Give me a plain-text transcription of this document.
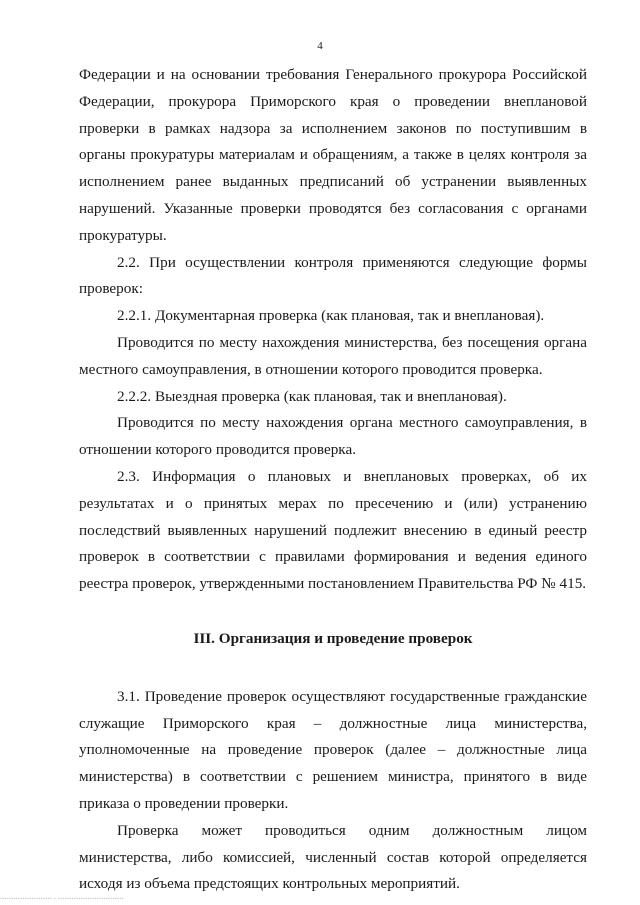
4

Федерации и на основании требования Генерального прокурора Российской Федерации, прокурора Приморского края о проведении внеплановой проверки в рамках надзора за исполнением законов по поступившим в органы прокуратуры материалам и обращениям, а также в целях контроля за исполнением ранее выданных предписаний об устранении выявленных нарушений. Указанные проверки проводятся без согласования с органами прокуратуры.

2.2. При осуществлении контроля применяются следующие формы проверок:

2.2.1. Документарная проверка (как плановая, так и внеплановая).

Проводится по месту нахождения министерства, без посещения органа местного самоуправления, в отношении которого проводится проверка.

2.2.2. Выездная проверка (как плановая, так и внеплановая).

Проводится по месту нахождения органа местного самоуправления, в отношении которого проводится проверка.

2.3. Информация о плановых и внеплановых проверках, об их результатах и о принятых мерах по пресечению и (или) устранению последствий выявленных нарушений подлежит внесению в единый реестр проверок в соответствии с правилами формирования и ведения единого реестра проверок, утвержденными постановлением Правительства РФ № 415.

III. Организация и проведение проверок

3.1. Проведение проверок осуществляют государственные гражданские служащие Приморского края – должностные лица министерства, уполномоченные на проведение проверок (далее – должностные лица министерства) в соответствии с решением министра, принятого в виде приказа о проведении проверки.

Проверка может проводиться одним должностным лицом министерства, либо комиссией, численный состав которой определяется исходя из объема предстоящих контрольных мероприятий.

▪▪▪▪▪▪▪▪▪▪▪▪▪▪▪▪▪▪▪▪▪▪▪ ▪ ▪▪▪▪▪▪▪▪▪▪▪▪▪▪▪▪▪▪▪▪▪▪▪▪▪▪▪▪▪
